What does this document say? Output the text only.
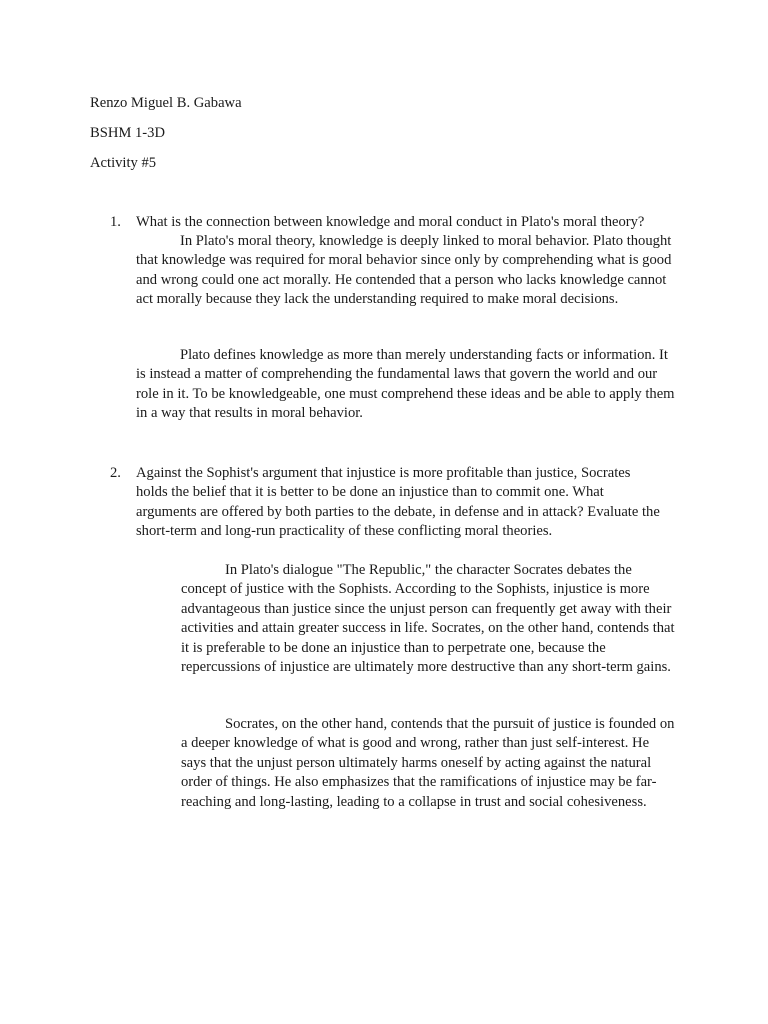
Renzo Miguel B. Gabawa
BSHM 1-3D
Activity #5
1. What is the connection between knowledge and moral conduct in Plato's moral theory?

In Plato's moral theory, knowledge is deeply linked to moral behavior. Plato thought that knowledge was required for moral behavior since only by comprehending what is good and wrong could one act morally. He contended that a person who lacks knowledge cannot act morally because they lack the understanding required to make moral decisions.

Plato defines knowledge as more than merely understanding facts or information. It is instead a matter of comprehending the fundamental laws that govern the world and our role in it. To be knowledgeable, one must comprehend these ideas and be able to apply them in a way that results in moral behavior.

2. Against the Sophist's argument that injustice is more profitable than justice, Socrates holds the belief that it is better to be done an injustice than to commit one. What arguments are offered by both parties to the debate, in defense and in attack? Evaluate the short-term and long-run practicality of these conflicting moral theories.

In Plato's dialogue "The Republic," the character Socrates debates the concept of justice with the Sophists. According to the Sophists, injustice is more advantageous than justice since the unjust person can frequently get away with their activities and attain greater success in life. Socrates, on the other hand, contends that it is preferable to be done an injustice than to perpetrate one, because the repercussions of injustice are ultimately more destructive than any short-term gains.

Socrates, on the other hand, contends that the pursuit of justice is founded on a deeper knowledge of what is good and wrong, rather than just self-interest. He says that the unjust person ultimately harms oneself by acting against the natural order of things. He also emphasizes that the ramifications of injustice may be far-reaching and long-lasting, leading to a collapse in trust and social cohesiveness.
